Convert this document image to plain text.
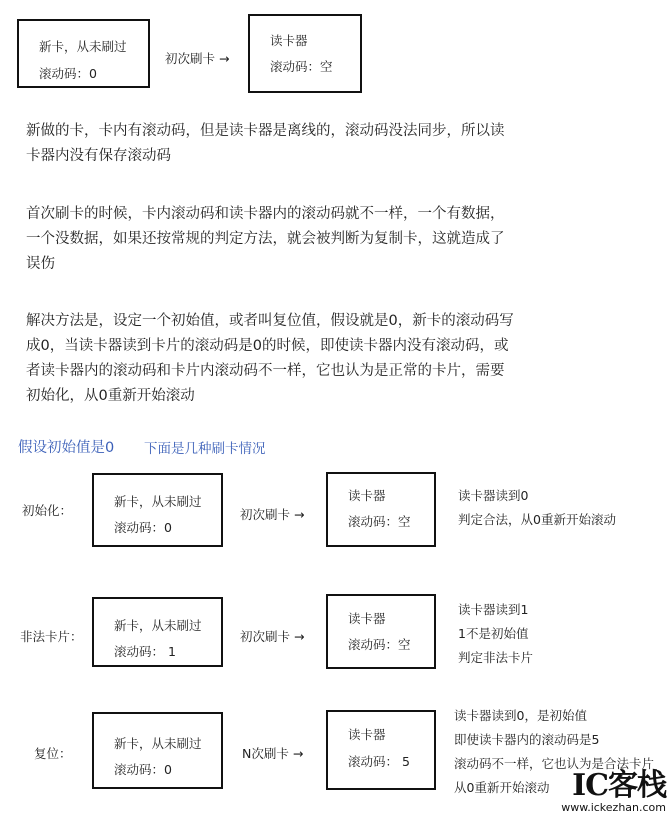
新卡，从未刷过
滚动码：0
初次刷卡 →
读卡器
滚动码：空

新做的卡，卡内有滚动码，但是读卡器是离线的，滚动码没法同步，所以读

卡器内没有保存滚动码

首次刷卡的时候，卡内滚动码和读卡器内的滚动码就不一样，一个有数据，

一个没数据，如果还按常规的判定方法，就会被判断为复制卡，这就造成了

误伤

解决方法是，设定一个初始值，或者叫复位值，假设就是0，新卡的滚动码写

成0，当读卡器读到卡片的滚动码是0的时候，即使读卡器内没有滚动码，或

者读卡器内的滚动码和卡片内滚动码不一样，它也认为是正常的卡片，需要

初始化，从0重新开始滚动

假设初始值是0 下面是几种刷卡情况
初始化：
新卡，从未刷过
滚动码：0
初次刷卡 →
读卡器
滚动码：空
读卡器读到0
判定合法，从0重新开始滚动
非法卡片：
新卡，从未刷过
滚动码： 1
初次刷卡 →
读卡器
滚动码：空
读卡器读到1
1不是初始值
判定非法卡片
复位：
新卡，从未刷过
滚动码：0
N次刷卡 →
读卡器
滚动码： 5
读卡器读到0，是初始值
即使读卡器内的滚动码是5
滚动码不一样，它也认为是合法卡片
从0重新开始滚动 IC客栈
www.ickezhan.com
